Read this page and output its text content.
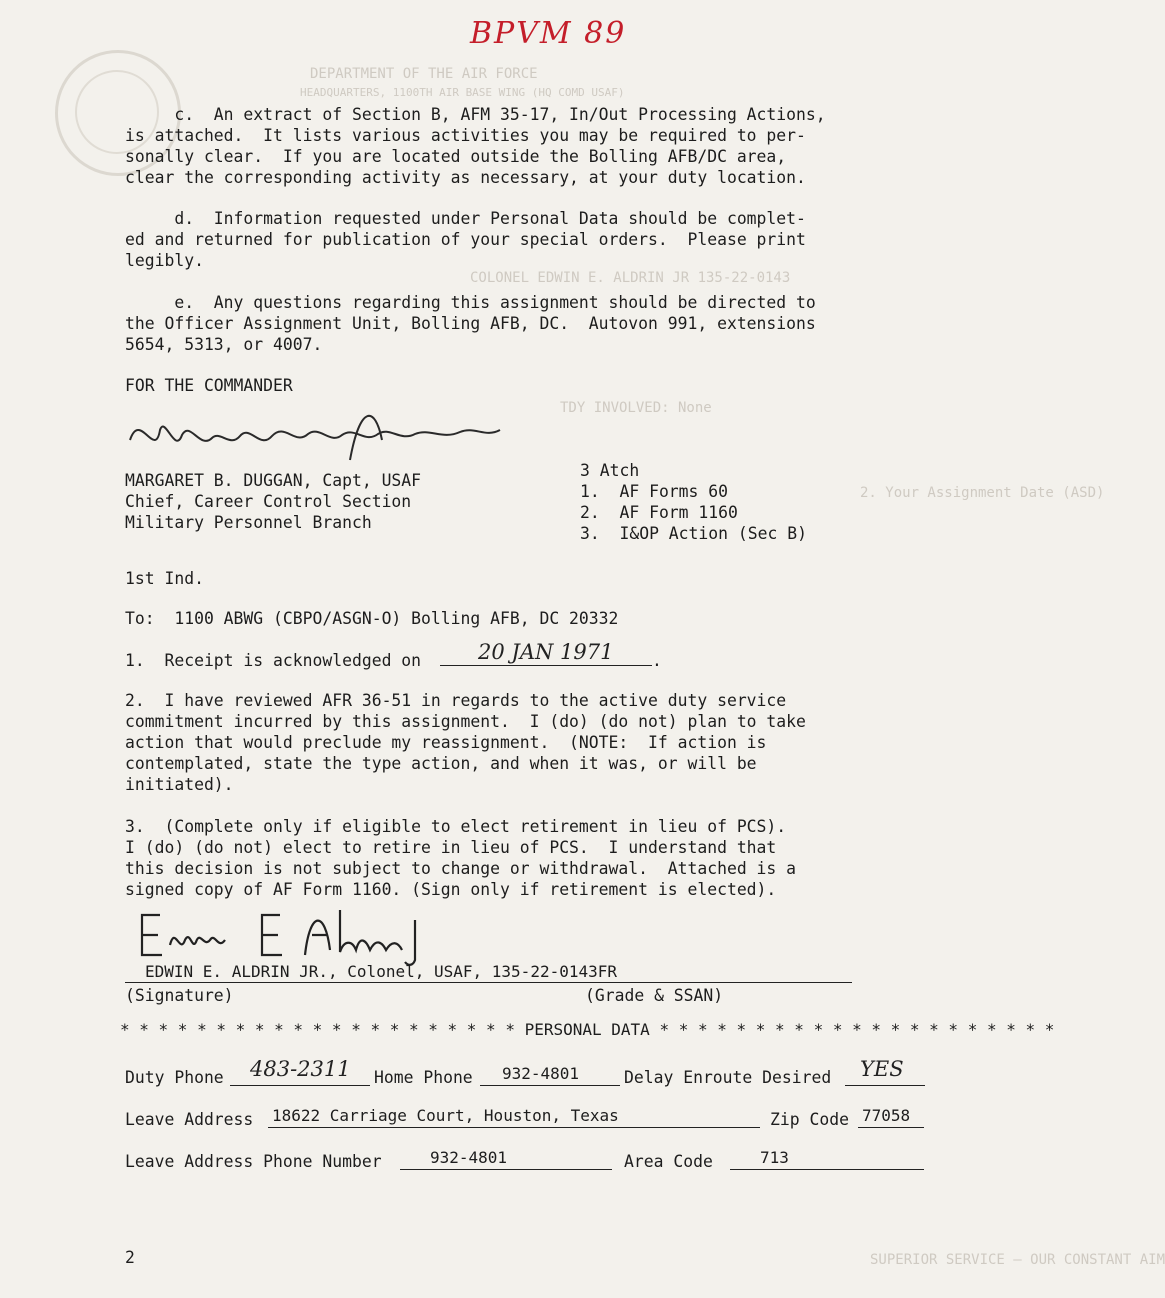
DEPARTMENT OF THE AIR FORCE
HEADQUARTERS, 1100TH AIR BASE WING (HQ COMD USAF)
COLONEL EDWIN E. ALDRIN JR 135-22-0143
TDY INVOLVED: None
2. Your Assignment Date (ASD)
SUPERIOR SERVICE – OUR CONSTANT AIM
BPVM 89
c.  An extract of Section B, AFM 35-17, In/Out Processing Actions,
is attached.  It lists various activities you may be required to per-
sonally clear.  If you are located outside the Bolling AFB/DC area,
clear the corresponding activity as necessary, at your duty location.
d.  Information requested under Personal Data should be complet-
ed and returned for publication of your special orders.  Please print
legibly.
e.  Any questions regarding this assignment should be directed to
the Officer Assignment Unit, Bolling AFB, DC.  Autovon 991, extensions
5654, 5313, or 4007.
FOR THE COMMANDER
3 Atch
MARGARET B. DUGGAN, Capt, USAF
1.  AF Forms 60
Chief, Career Control Section
2.  AF Form 1160
Military Personnel Branch
3.  I&OP Action (Sec B)
1st Ind.
To:  1100 ABWG (CBPO/ASGN-O) Bolling AFB, DC 20332
1.  Receipt is acknowledged on	20 JAN 1971 .
2.  I have reviewed AFR 36-51 in regards to the active duty service
commitment incurred by this assignment.  I (do) (do not) plan to take
action that would preclude my reassignment.  (NOTE:  If action is
contemplated, state the type action, and when it was, or will be
initiated).
3.  (Complete only if eligible to elect retirement in lieu of PCS).
I (do) (do not) elect to retire in lieu of PCS.  I understand that
this decision is not subject to change or withdrawal.  Attached is a
signed copy of AF Form 1160. (Sign only if retirement is elected).
EDWIN E. ALDRIN JR., Colonel, USAF, 135-22-0143FR
(Signature)	(Grade & SSAN)
* * * * * * * * * * * * * * * * * * * * * PERSONAL DATA * * * * * * * * * * * * * * * * * * * * *
Duty Phone 483-2311 Home Phone 932-4801	Delay Enroute Desired YES
Leave Address 18622 Carriage Court, Houston, Texas	Zip Code 77058
Leave Address Phone Number	932-4801	Area Code	713
2
